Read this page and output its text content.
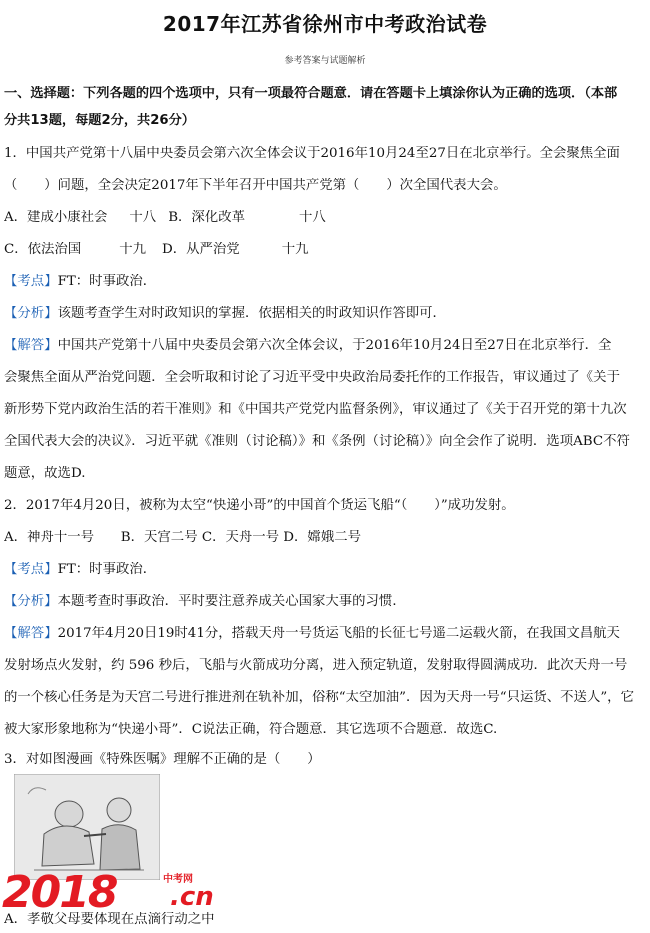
2017年江苏省徐州市中考政治试卷
参考答案与试题解析
一、选择题：下列各题的四个选项中，只有一项最符合题意．请在答题卡上填涂你认为正确的选项．（本部
分共13题，每题2分，共26分）
1．中国共产党第十八届中央委员会第六次全体会议于2016年10月24至27日在北京举行。全会聚焦全面
（　　）问题，全会决定2017年下半年召开中国共产党第（　　）次全国代表大会。
A．建成小康社会 十八 B．深化改革	十八
C．依法治国	十九 D．从严治党	十九
【考点】FT：时事政治．
【分析】该题考查学生对时政知识的掌握．依据相关的时政知识作答即可．
【解答】中国共产党第十八届中央委员会第六次全体会议，于2016年10月24日至27日在北京举行．全
会聚焦全面从严治党问题．全会听取和讨论了习近平受中央政治局委托作的工作报告，审议通过了《关于
新形势下党内政治生活的若干准则》和《中国共产党党内监督条例》，审议通过了《关于召开党的第十九次
全国代表大会的决议》．习近平就《准则（讨论稿）》和《条例（讨论稿）》向全会作了说明．选项ABC不符
题意，故选D.
2．2017年4月20日，被称为太空“快递小哥”的中国首个货运飞船“（　　）”成功发射。
A．神舟十一号　　B．天宫二号 C．天舟一号 D．嫦娥二号
【考点】FT：时事政治．
【分析】本题考查时事政治．平时要注意养成关心国家大事的习惯．
【解答】2017年4月20日19时41分，搭载天舟一号货运飞船的长征七号遥二运载火箭，在我国文昌航天
发射场点火发射，约 596 秒后，飞船与火箭成功分离，进入预定轨道，发射取得圆满成功．此次天舟一号
的一个核心任务是为天宫二号进行推进剂在轨补加，俗称“太空加油”．因为天舟一号“只运货、不送人”，它
被大家形象地称为“快递小哥”．C说法正确，符合题意．其它选项不合题意．故选C.
3．对如图漫画《特殊医嘱》理解不正确的是（　　）
2018	中考网
.cn
A．孝敬父母要体现在点滴行动之中
